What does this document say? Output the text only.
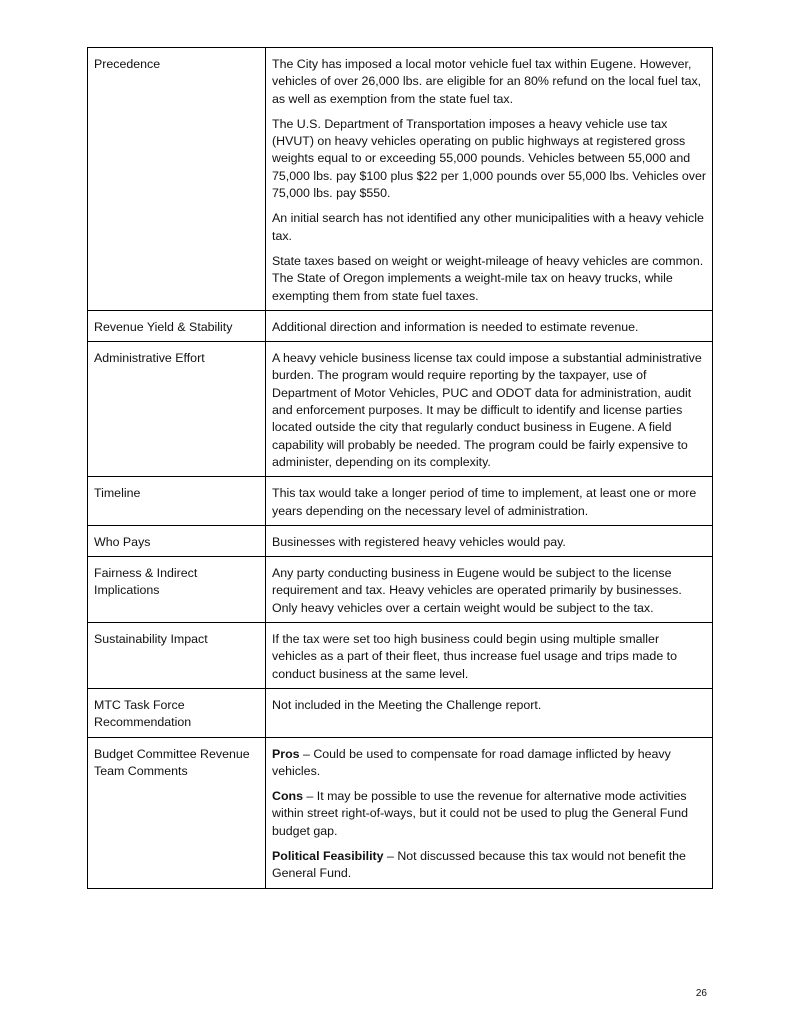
Precedence	The City has imposed a local motor vehicle fuel tax within Eugene. However, vehicles of over 26,000 lbs. are eligible for an 80% refund on the local fuel tax, as well as exemption from the state fuel tax.

The U.S. Department of Transportation imposes a heavy vehicle use tax (HVUT) on heavy vehicles operating on public highways at registered gross weights equal to or exceeding 55,000 pounds. Vehicles between 55,000 and 75,000 lbs. pay $100 plus $22 per 1,000 pounds over 55,000 lbs. Vehicles over 75,000 lbs. pay $550.

An initial search has not identified any other municipalities with a heavy vehicle tax.

State taxes based on weight or weight-mileage of heavy vehicles are common. The State of Oregon implements a weight-mile tax on heavy trucks, while exempting them from state fuel taxes.

Revenue Yield & Stability	Additional direction and information is needed to estimate revenue.

Administrative Effort	A heavy vehicle business license tax could impose a substantial administrative burden. The program would require reporting by the taxpayer, use of Department of Motor Vehicles, PUC and ODOT data for administration, audit and enforcement purposes. It may be difficult to identify and license parties located outside the city that regularly conduct business in Eugene. A field capability will probably be needed. The program could be fairly expensive to administer, depending on its complexity.

Timeline	This tax would take a longer period of time to implement, at least one or more years depending on the necessary level of administration.

Who Pays	Businesses with registered heavy vehicles would pay.

Fairness & Indirect Implications	Any party conducting business in Eugene would be subject to the license requirement and tax. Heavy vehicles are operated primarily by businesses. Only heavy vehicles over a certain weight would be subject to the tax.

Sustainability Impact	If the tax were set too high business could begin using multiple smaller vehicles as a part of their fleet, thus increase fuel usage and trips made to conduct business at the same level.

MTC Task Force Recommendation	Not included in the Meeting the Challenge report.

Budget Committee Revenue Team Comments	Pros – Could be used to compensate for road damage inflicted by heavy vehicles.

Cons – It may be possible to use the revenue for alternative mode activities within street right-of-ways, but it could not be used to plug the General Fund budget gap.

Political Feasibility – Not discussed because this tax would not benefit the General Fund.

26
